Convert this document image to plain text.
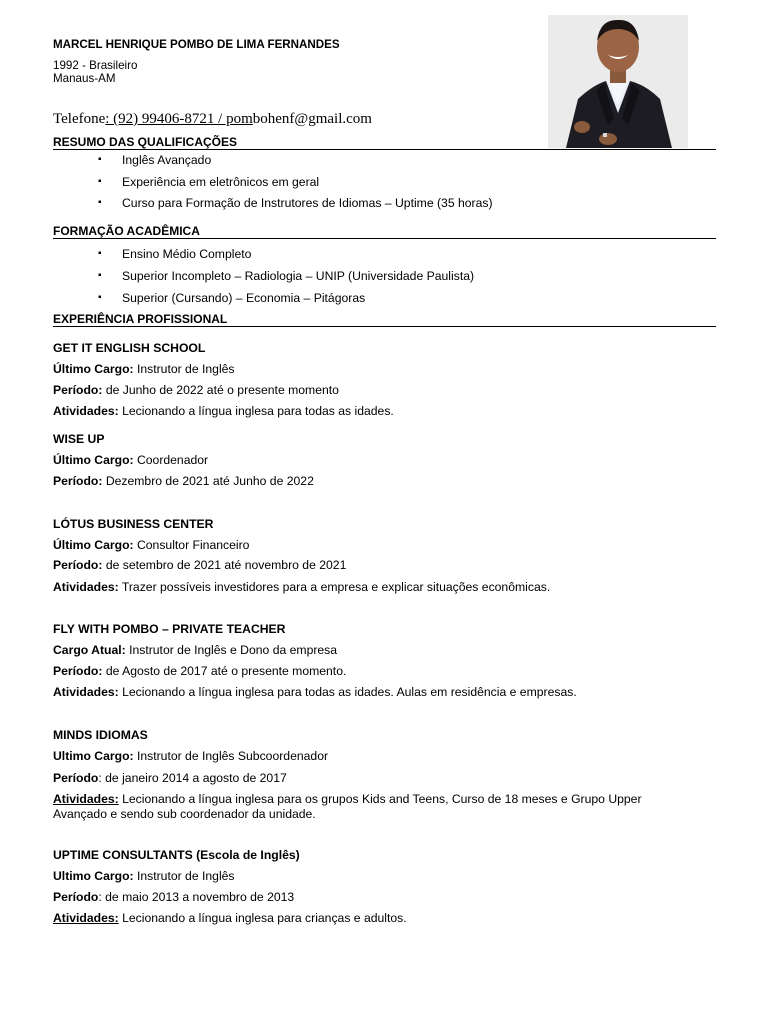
MARCEL HENRIQUE POMBO DE LIMA FERNANDES
1992 - Brasileiro
Manaus-AM
Telefone: (92) 99406-8721 / pombohenf@gmail.com
RESUMO DAS QUALIFICAÇÕES
▪ Inglês Avançado
▪ Experiência em eletrônicos em geral
▪ Curso para Formação de Instrutores de Idiomas – Uptime (35 horas)
FORMAÇÃO ACADÊMICA
▪ Ensino Médio Completo
▪ Superior Incompleto – Radiologia – UNIP (Universidade Paulista)
▪ Superior (Cursando) – Economia – Pitágoras
EXPERIÊNCIA PROFISSIONAL
GET IT ENGLISH SCHOOL
Último Cargo: Instrutor de Inglês
Período: de Junho de 2022 até o presente momento
Atividades: Lecionando a língua inglesa para todas as idades.
WISE UP
Último Cargo: Coordenador
Período: Dezembro de 2021 até Junho de 2022
LÓTUS BUSINESS CENTER
Último Cargo: Consultor Financeiro
Período: de setembro de 2021 até novembro de 2021
Atividades: Trazer possíveis investidores para a empresa e explicar situações econômicas.
FLY WITH POMBO – PRIVATE TEACHER
Cargo Atual: Instrutor de Inglês e Dono da empresa
Período: de Agosto de 2017 até o presente momento.
Atividades: Lecionando a língua inglesa para todas as idades. Aulas em residência e empresas.
MINDS IDIOMAS
Ultimo Cargo: Instrutor de Inglês Subcoordenador
Período: de janeiro 2014 a agosto de 2017
Atividades: Lecionando a língua inglesa para os grupos Kids and Teens, Curso de 18 meses e Grupo Upper Avançado e sendo sub coordenador da unidade.
UPTIME CONSULTANTS (Escola de Inglês)
Ultimo Cargo: Instrutor de Inglês
Período: de maio 2013 a novembro de 2013
Atividades: Lecionando a língua inglesa para crianças e adultos.
